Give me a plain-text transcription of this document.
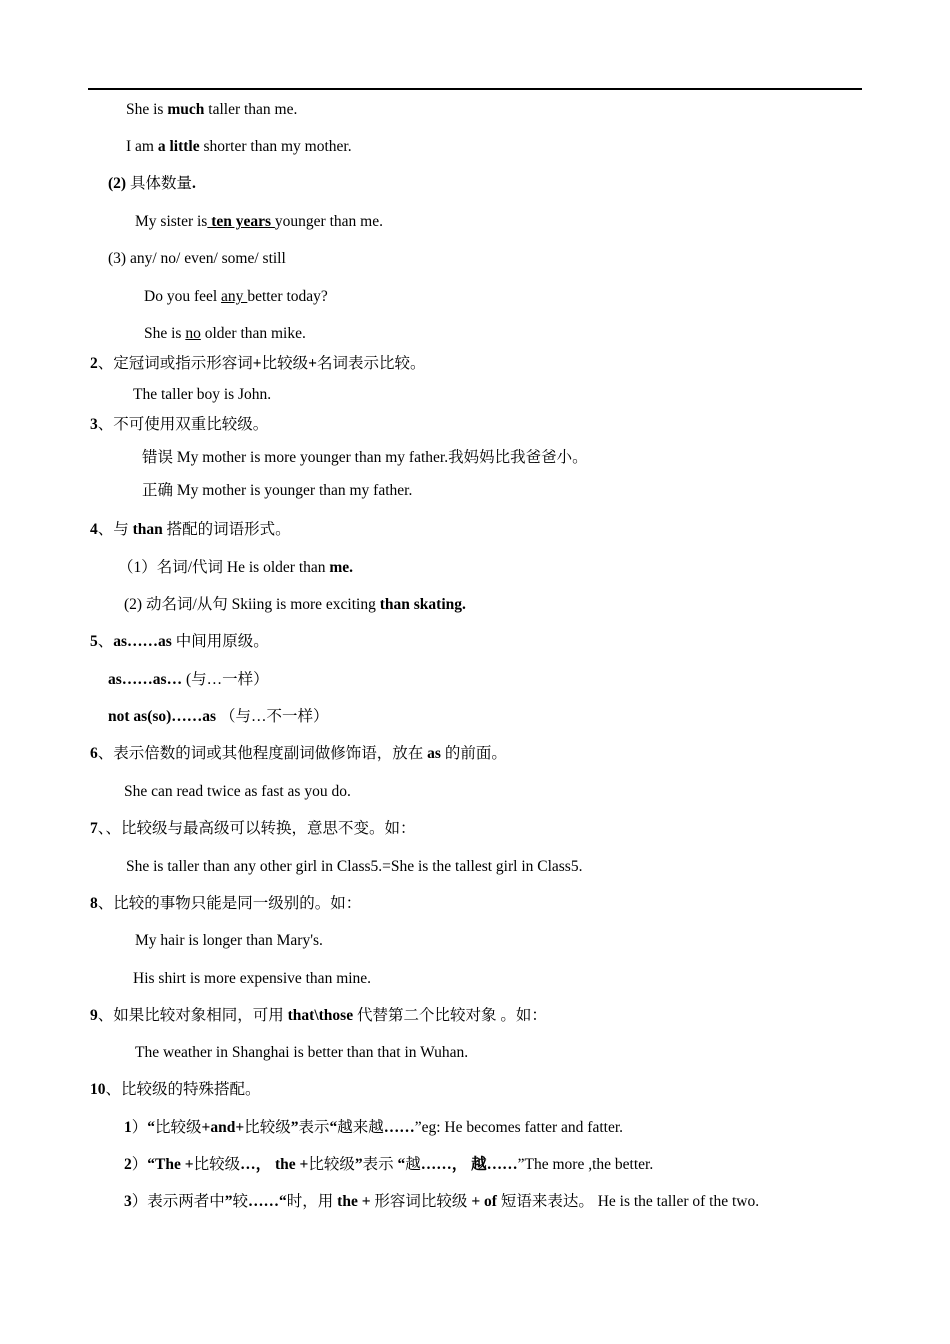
She is much taller than me.
I am a little shorter than my mother.
(2) 具体数量.
My sister is ten years younger than me.
(3) any/ no/ even/ some/ still
Do you feel any better today?
She is no older than mike.
2、定冠词或指示形容词+比较级+名词表示比较。
The taller boy is John.
3、不可使用双重比较级。
错误 My mother is more younger than my father.我妈妈比我爸爸小。
正确 My mother is younger than my father.
4、与 than 搭配的词语形式。
（1）名词/代词 He is older than me.
(2) 动名词/从句 Skiing is more exciting than skating.
5、as……as 中间用原级。
as……as… (与…一样）
not as(so)……as （与…不一样）
6、表示倍数的词或其他程度副词做修饰语，放在 as 的前面。
She can read twice as fast as you do.
7、、比较级与最高级可以转换，意思不变。如：
She is taller than any other girl in Class5.=She is the tallest girl in Class5.
8、比较的事物只能是同一级别的。如：
My hair is longer than Mary's.
His shirt is more expensive than mine.
9、如果比较对象相同，可用 that\those 代替第二个比较对象 。如：
The weather in Shanghai is better than that in Wuhan.
10、比较级的特殊搭配。
1）“比较级+and+比较级”表示“越来越……”eg: He becomes fatter and fatter.
2）“The +比较级…， the +比较级”表示 “越……， 越……”The more ,the better.
3）表示两者中”较……“时，用 the + 形容词比较级 + of 短语来表达。 He is the taller of the two.
